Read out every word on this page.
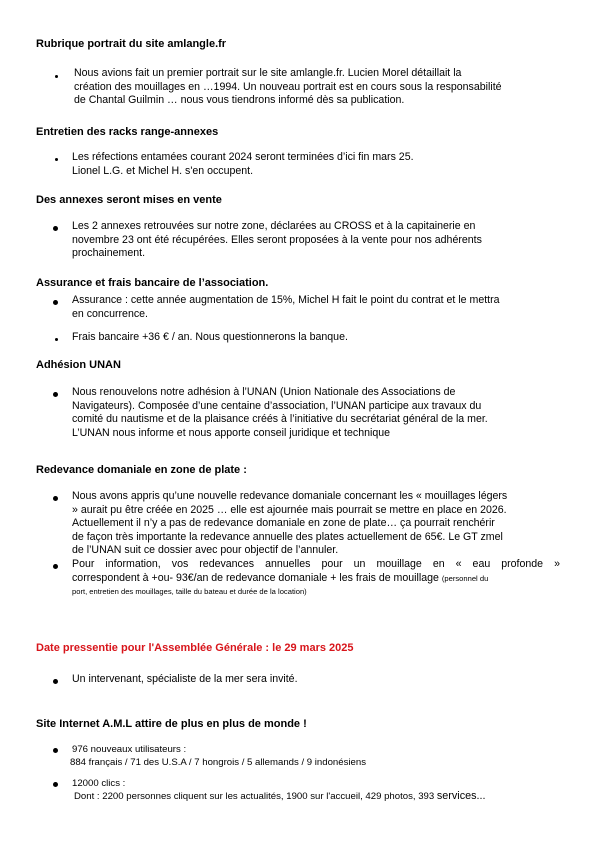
Rubrique portrait du site amlangle.fr
Nous avions fait un premier portrait sur le site amlangle.fr. Lucien Morel détaillait la
création des mouillages en …1994. Un nouveau portrait est en cours sous la responsabilité
de Chantal Guilmin … nous vous tiendrons informé dès sa publication.
Entretien des racks range-annexes
Les réfections entamées courant 2024 seront terminées d’ici fin mars 25.
Lionel L.G. et Michel H. s'en occupent.
Des annexes seront mises en vente
Les 2 annexes retrouvées sur notre zone, déclarées au CROSS et à la capitainerie en
novembre 23 ont été récupérées. Elles seront proposées à la vente pour nos adhérents
prochainement.
Assurance et frais bancaire de l’association.
Assurance : cette année augmentation de 15%, Michel H fait le point du contrat et le mettra
en concurrence.
Frais bancaire +36 € / an. Nous questionnerons la banque.
Adhésion UNAN
Nous renouvelons notre adhésion à l’UNAN (Union Nationale des Associations de
Navigateurs). Composée d’une centaine d’association, l’UNAN participe aux travaux du
comité du nautisme et de la plaisance créés à l’initiative du secrétariat général de la mer.
L’UNAN nous informe et nous apporte conseil juridique et technique
Redevance domaniale en zone de plate :
Nous avons appris qu’une nouvelle redevance domaniale concernant les « mouillages légers
» aurait pu être créée en 2025 … elle est ajournée mais pourrait se mettre en place en 2026.
Actuellement il n’y a pas de redevance domaniale en zone de plate… ça pourrait renchérir
de façon très importante la redevance annuelle des plates actuellement de 65€. Le GT zmel
de l’UNAN suit ce dossier avec pour objectif de l’annuler.
Pour information, vos redevances annuelles pour un mouillage en « eau profonde »
correspondent à +ou- 93€/an de redevance domaniale + les frais de mouillage (personnel du
port, entretien des mouillages, taille du bateau et durée de la location)
Date pressentie pour l'Assemblée Générale : le 29 mars 2025
Un intervenant, spécialiste de la mer sera invité.
Site Internet A.M.L attire de plus en plus de monde !
976 nouveaux utilisateurs :
884 français / 71 des U.S.A / 7 hongrois / 5 allemands / 9 indonésiens
12000 clics :
Dont : 2200 personnes cliquent sur les actualités, 1900 sur l'accueil, 429 photos, 393 services...
